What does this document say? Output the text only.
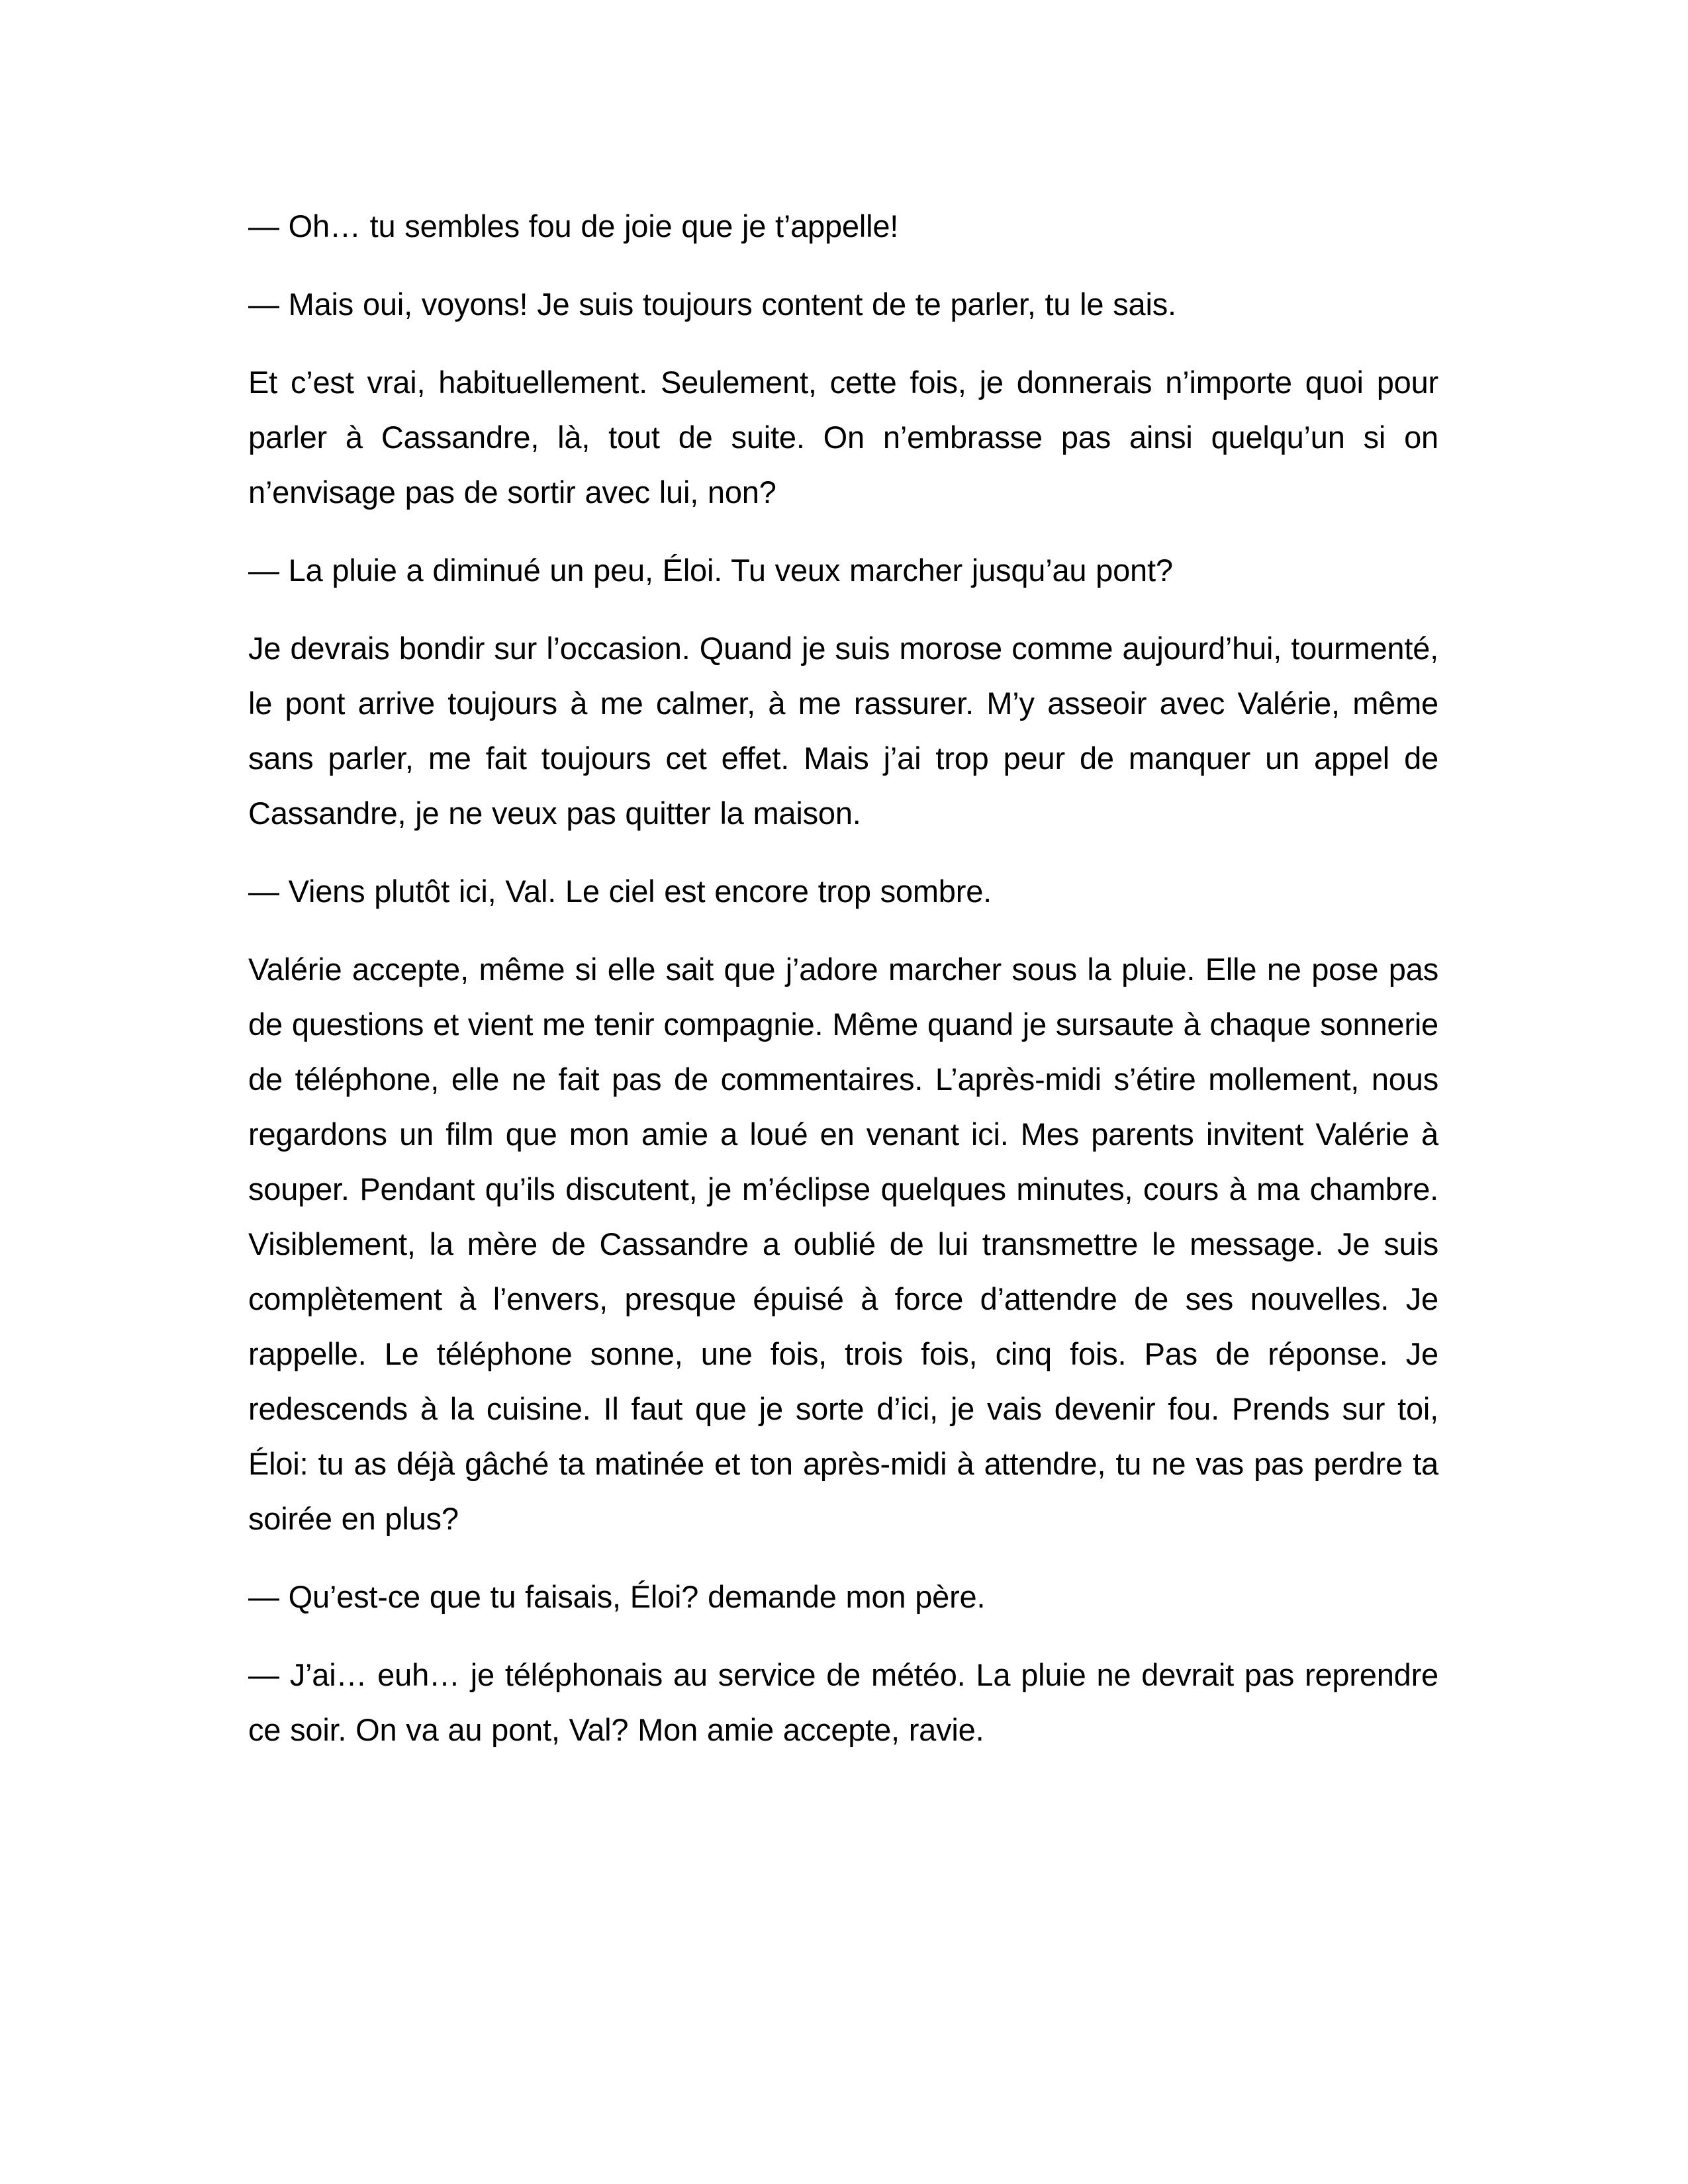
— Oh… tu sembles fou de joie que je t’appelle!

— Mais oui, voyons! Je suis toujours content de te parler, tu le sais.

Et c’est vrai, habituellement. Seulement, cette fois, je donnerais n’importe quoi pour parler à Cassandre, là, tout de suite. On n’embrasse pas ainsi quelqu’un si on n’envisage pas de sortir avec lui, non?

— La pluie a diminué un peu, Éloi. Tu veux marcher jusqu’au pont?

Je devrais bondir sur l’occasion. Quand je suis morose comme aujourd’hui, tourmenté, le pont arrive toujours à me calmer, à me rassurer. M’y asseoir avec Valérie, même sans parler, me fait toujours cet effet. Mais j’ai trop peur de manquer un appel de Cassandre, je ne veux pas quitter la maison.

— Viens plutôt ici, Val. Le ciel est encore trop sombre.

Valérie accepte, même si elle sait que j’adore marcher sous la pluie. Elle ne pose pas de questions et vient me tenir compagnie. Même quand je sursaute à chaque sonnerie de téléphone, elle ne fait pas de commentaires. L’après-midi s’étire mollement, nous regardons un film que mon amie a loué en venant ici. Mes parents invitent Valérie à souper. Pendant qu’ils discutent, je m’éclipse quelques minutes, cours à ma chambre. Visiblement, la mère de Cassandre a oublié de lui transmettre le message. Je suis complètement à l’envers, presque épuisé à force d’attendre de ses nouvelles. Je rappelle. Le téléphone sonne, une fois, trois fois, cinq fois. Pas de réponse. Je redescends à la cuisine. Il faut que je sorte d’ici, je vais devenir fou. Prends sur toi, Éloi: tu as déjà gâché ta matinée et ton après-midi à attendre, tu ne vas pas perdre ta soirée en plus?

— Qu’est-ce que tu faisais, Éloi? demande mon père.

— J’ai… euh… je téléphonais au service de météo. La pluie ne devrait pas reprendre ce soir. On va au pont, Val? Mon amie accepte, ravie.
